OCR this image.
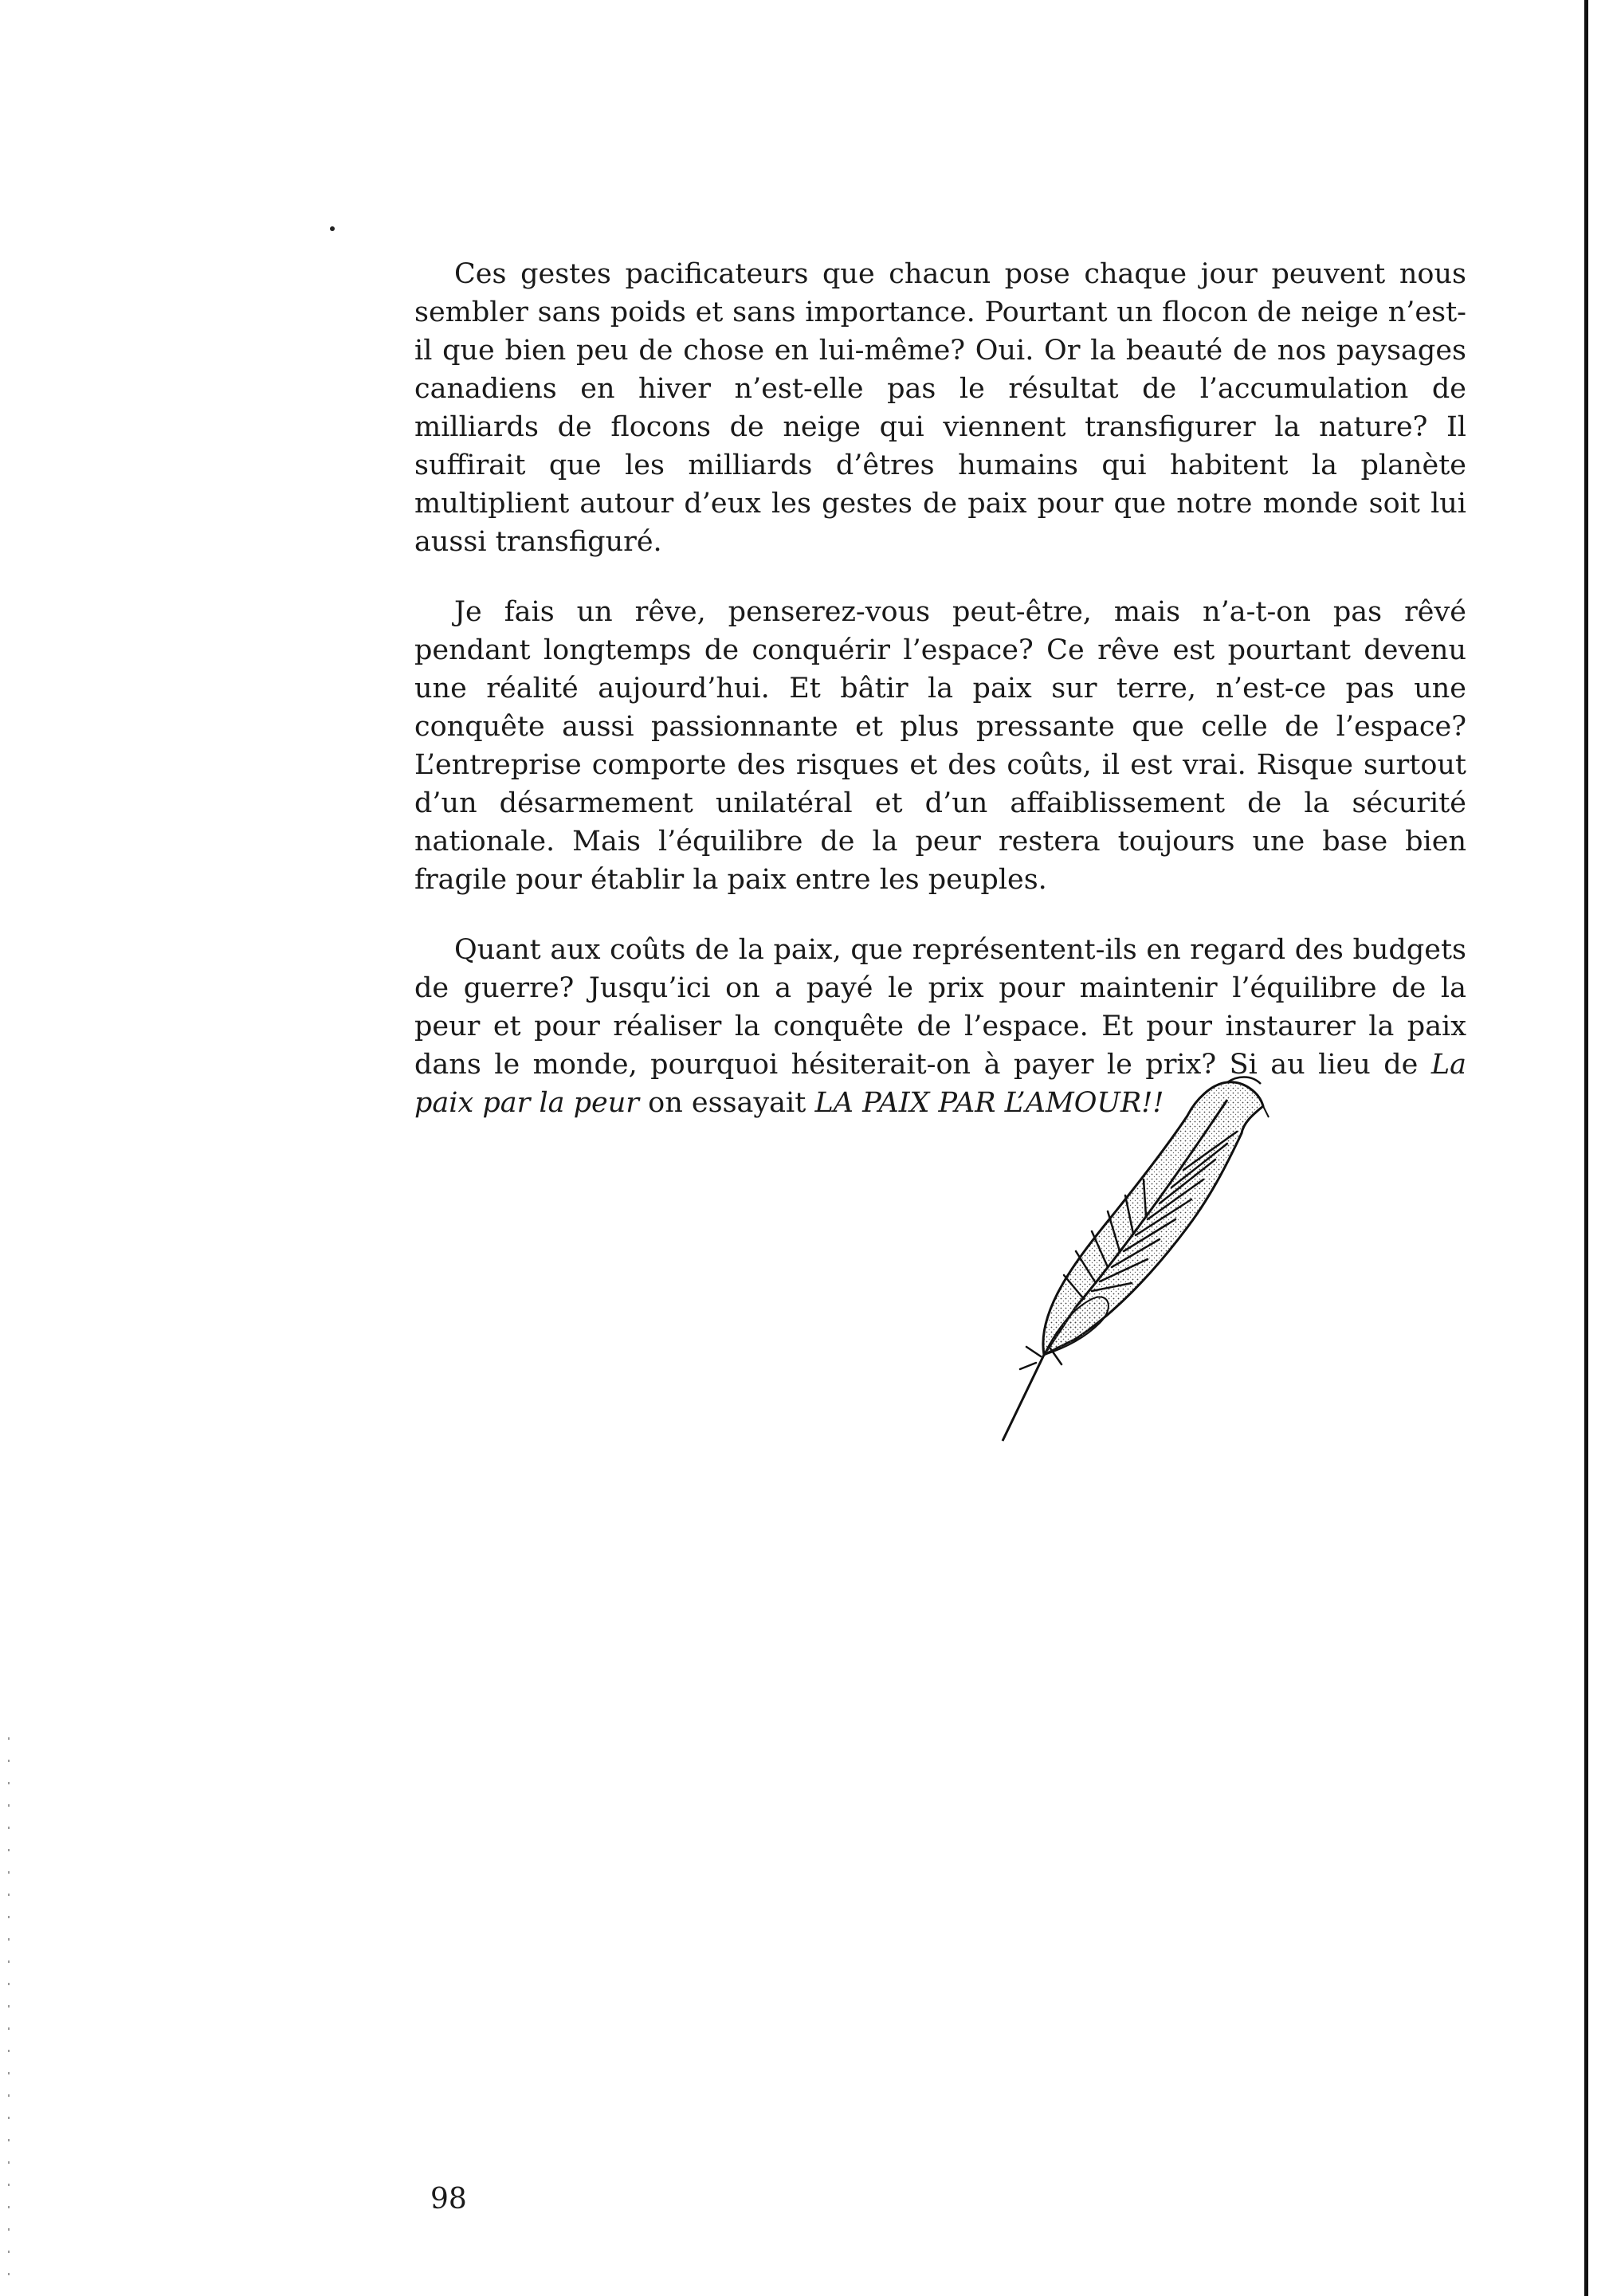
Ces gestes pacificateurs que chacun pose chaque jour peuvent nous sembler sans poids et sans importance. Pourtant un flocon de neige n’est-il que bien peu de chose en lui-même? Oui. Or la beauté de nos paysages canadiens en hiver n’est-elle pas le résultat de l’accumulation de milliards de flocons de neige qui viennent transfigurer la nature? Il suffirait que les milliards d’êtres humains qui habitent la planète multiplient autour d’eux les gestes de paix pour que notre monde soit lui aussi transfiguré.

Je fais un rêve, penserez-vous peut-être, mais n’a-t-on pas rêvé pendant longtemps de conquérir l’espace? Ce rêve est pourtant devenu une réalité aujourd’hui. Et bâtir la paix sur terre, n’est-ce pas une conquête aussi passionnante et plus pressante que celle de l’espace? L’entreprise comporte des risques et des coûts, il est vrai. Risque surtout d’un désarmement unilatéral et d’un affaiblissement de la sécurité nationale. Mais l’équilibre de la peur restera toujours une base bien fragile pour établir la paix entre les peuples.

Quant aux coûts de la paix, que représentent-ils en regard des budgets de guerre? Jusqu’ici on a payé le prix pour maintenir l’équilibre de la peur et pour réaliser la conquête de l’espace. Et pour instaurer la paix dans le monde, pourquoi hésiterait-on à payer le prix? Si au lieu de La paix par la peur on essayait LA PAIX PAR L’AMOUR!!

98
